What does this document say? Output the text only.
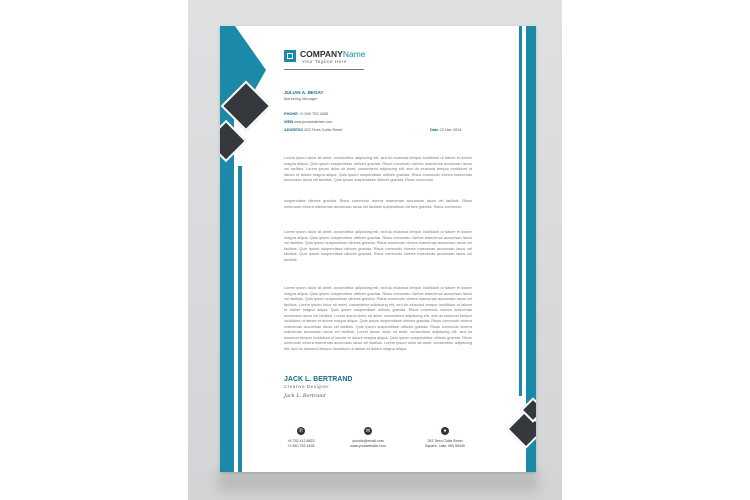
COMPANYName
Your Tagline Here
JULIAN A. BEGAY
Marketing Manager
PHONE +2 500 753 4455
WEB www.yourwebsitehere.com
ADDRESS 253 Terra Cotta Street	Date 22 Nov 2024

Lorem ipsum dolor sit amet, consectetur adipiscing elit, sed do eiusmod tempor incididunt ut labore et dolore magna aliqua. Quis ipsum suspendisse ultrices gravida. Risus commodo viverra maecenas accumsan lacus vel facilisis. Lorem ipsum dolor sit amet, consectetur adipiscing elit, sed do eiusmod tempor incididunt ut labore et dolore magna aliqua. Quis ipsum suspendisse ultrices gravida. Risus commodo viverra maecenas accumsan lacus vel facilisis. Quis ipsum suspendisse ultrices gravida. Risus commodo

suspendisse ultrices gravida. Risus commodo viverra maecenas accumsan lacus vel facilisis. Risus commodo viverra maecenas accumsan lacus vel facilisis suspendisse ultrices gravida. Risus commodo

Lorem ipsum dolor sit amet, consectetur adipiscing elit, sed do eiusmod tempor incididunt ut labore et dolore magna aliqua. Quis ipsum suspendisse ultrices gravida. Risus commodo viverra maecenas accumsan lacus vel facilisis. Quis ipsum suspendisse ultrices gravida. Risus commodo viverra maecenas accumsan lacus vel facilisis. Quis ipsum suspendisse ultrices gravida. Risus commodo viverra maecenas accumsan lacus vel facilisis. Quis ipsum suspendisse ultrices gravida. Risus commodo viverra maecenas accumsan lacus vel facilisis.

Lorem ipsum dolor sit amet, consectetur adipiscing elit, sed do eiusmod tempor incididunt ut labore et dolore magna aliqua. Quis ipsum suspendisse ultrices gravida. Risus commodo viverra maecenas accumsan lacus vel facilisis. Quis ipsum suspendisse ultrices gravida. Risus commodo viverra maecenas accumsan lacus vel facilisis. Lorem ipsum dolor sit amet, consectetur adipiscing elit, sed do eiusmod tempor incididunt ut labore et dolore magna aliqua. Quis ipsum suspendisse ultrices gravida. Risus commodo viverra maecenas accumsan lacus vel facilisis. Lorem ipsum dolor sit amet, consectetur adipiscing elit, sed do eiusmod tempor incididunt ut labore et dolore magna aliqua. Quis ipsum suspendisse ultrices gravida. Risus commodo viverra maecenas accumsan lacus vel facilisis. Quis ipsum suspendisse ultrices gravida. Risus commodo viverra maecenas accumsan lacus vel facilisis. Lorem ipsum dolor sit amet, consectetur adipiscing elit, sed do eiusmod tempor incididunt ut labore et dolore magna aliqua. Quis ipsum suspendisse ultrices gravida. Risus commodo viverra maecenas accumsan lacus vel facilisis. Lorem ipsum dolor sit amet, consectetur adipiscing elit, sed do eiusmod tempor incididunt ut labore et dolore magna aliqua.

JACK L. BERTRAND
Creative Designer
Jack L. Bertrand
✆
+8 752 412 6823
+2 540 753 4435
✉
youinfo@email.com
www.yourwebsite.com
●
253 Terra Cotta Street
Square, Lake, MN 55440
